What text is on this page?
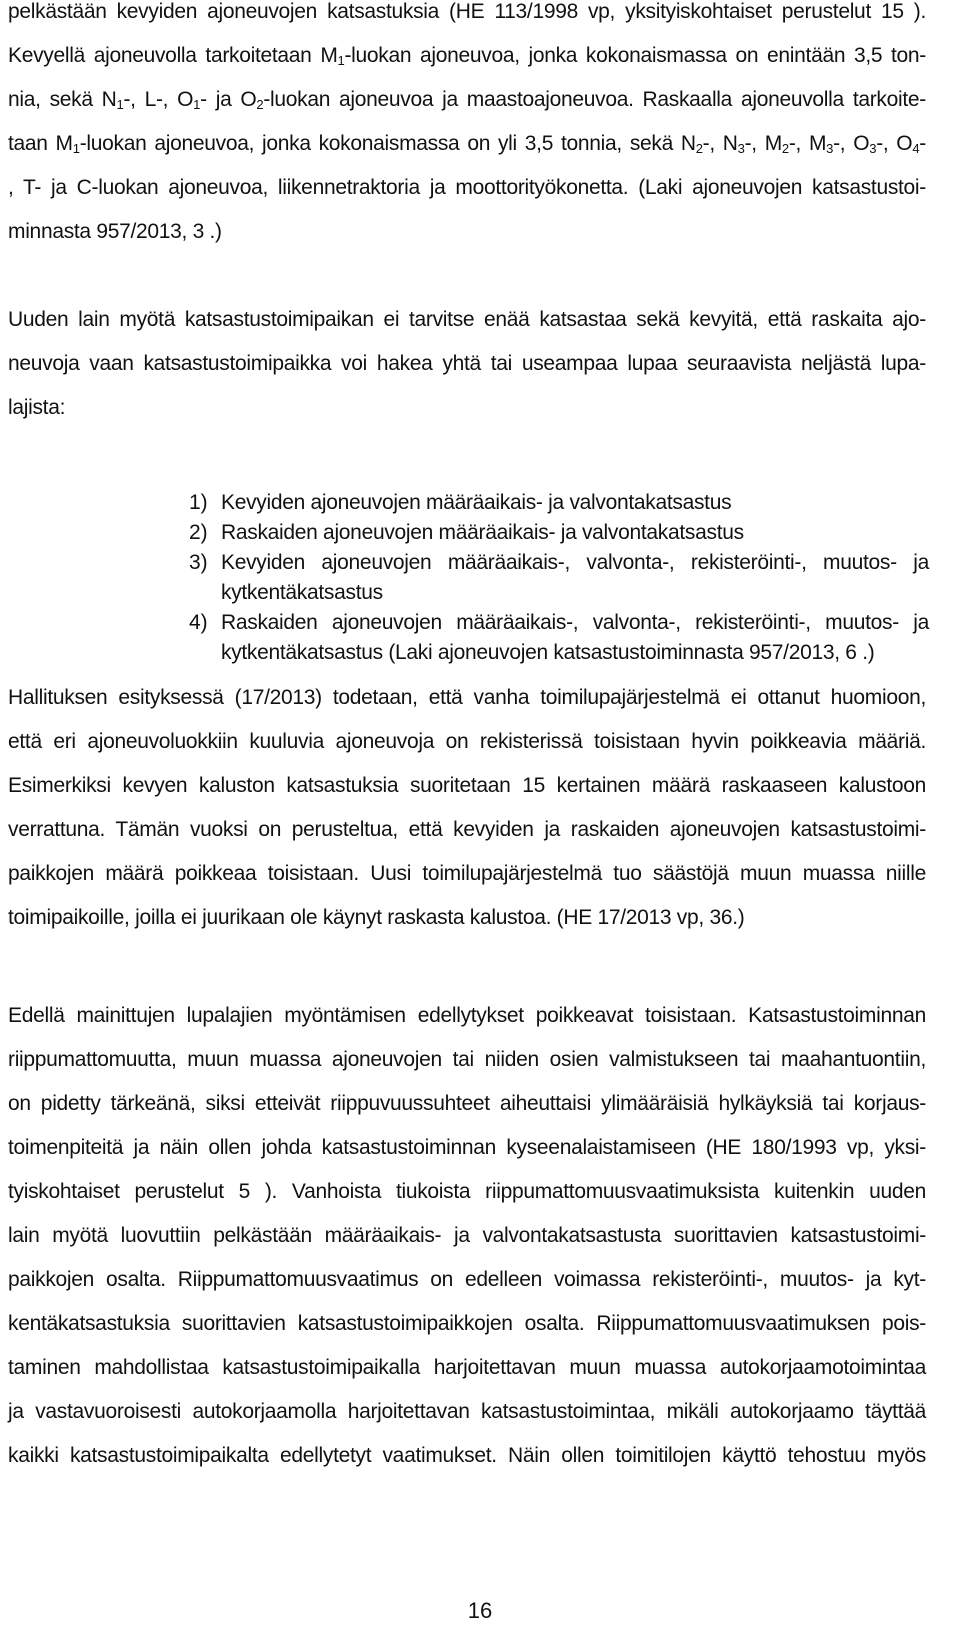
pelkästään kevyiden ajoneuvojen katsastuksia (HE 113/1998 vp, yksityiskohtaiset perustelut 15 ).
Kevyellä ajoneuvolla tarkoitetaan $M_1$-luokan ajoneuvoa, jonka kokonaismassa on enintään 3,5 ton-
nia, sekä $N_1-$, L-, $O_1-$ ja $O_2$-luokan ajoneuvoa ja maastoajoneuvoa. Raskaalla ajoneuvolla tarkoite-
taan $M_1$-luokan ajoneuvoa, jonka kokonaismassa on yli 3,5 tonnia, sekä $N_2-$, $N_3-$, $M_2-$, $M_3-$, $O_3-$, $O_4-$
, T- ja C-luokan ajoneuvoa, liikennetraktoria ja moottorityökonetta. (Laki ajoneuvojen katsastustoi-
minnasta 957/2013, 3 .)
Uuden lain myötä katsastustoimipaikan ei tarvitse enää katsastaa sekä kevyitä, että raskaita ajo-
neuvoja vaan katsastustoimipaikka voi hakea yhtä tai useampaa lupaa seuraavista neljästä lupa-
lajista:
1) Kevyiden ajoneuvojen määräaikais- ja valvontakatsastus
2) Raskaiden ajoneuvojen määräaikais- ja valvontakatsastus
3) Kevyiden ajoneuvojen määräaikais-, valvonta-, rekisteröinti-, muutos- ja
kytkentäkatsastus
4) Raskaiden ajoneuvojen määräaikais-, valvonta-, rekisteröinti-, muutos- ja
kytkentäkatsastus (Laki ajoneuvojen katsastustoiminnasta 957/2013, 6 .)
Hallituksen esityksessä (17/2013) todetaan, että vanha toimilupajärjestelmä ei ottanut huomioon,
että eri ajoneuvoluokkiin kuuluvia ajoneuvoja on rekisterissä toisistaan hyvin poikkeavia määriä.
Esimerkiksi kevyen kaluston katsastuksia suoritetaan 15 kertainen määrä raskaaseen kalustoon
verrattuna. Tämän vuoksi on perusteltua, että kevyiden ja raskaiden ajoneuvojen katsastustoimi-
paikkojen määrä poikkeaa toisistaan. Uusi toimilupajärjestelmä tuo säästöjä muun muassa niille
toimipaikoille, joilla ei juurikaan ole käynyt raskasta kalustoa. (HE 17/2013 vp, 36.)
Edellä mainittujen lupalajien myöntämisen edellytykset poikkeavat toisistaan. Katsastustoiminnan
riippumattomuutta, muun muassa ajoneuvojen tai niiden osien valmistukseen tai maahantuontiin,
on pidetty tärkeänä, siksi etteivät riippuvuussuhteet aiheuttaisi ylimääräisiä hylkäyksiä tai korjaus-
toimenpiteitä ja näin ollen johda katsastustoiminnan kyseenalaistamiseen (HE 180/1993 vp, yksi-
tyiskohtaiset perustelut 5 ). Vanhoista tiukoista riippumattomuusvaatimuksista kuitenkin uuden
lain myötä luovuttiin pelkästään määräaikais- ja valvontakatsastusta suorittavien katsastustoimi-
paikkojen osalta. Riippumattomuusvaatimus on edelleen voimassa rekisteröinti-, muutos- ja kyt-
kentäkatsastuksia suorittavien katsastustoimipaikkojen osalta. Riippumattomuusvaatimuksen pois-
taminen mahdollistaa katsastustoimipaikalla harjoitettavan muun muassa autokorjaamotoimintaa
ja vastavuoroisesti autokorjaamolla harjoitettavan katsastustoimintaa, mikäli autokorjaamo täyttää
kaikki katsastustoimipaikalta edellytetyt vaatimukset. Näin ollen toimitilojen käyttö tehostuu myös
16
